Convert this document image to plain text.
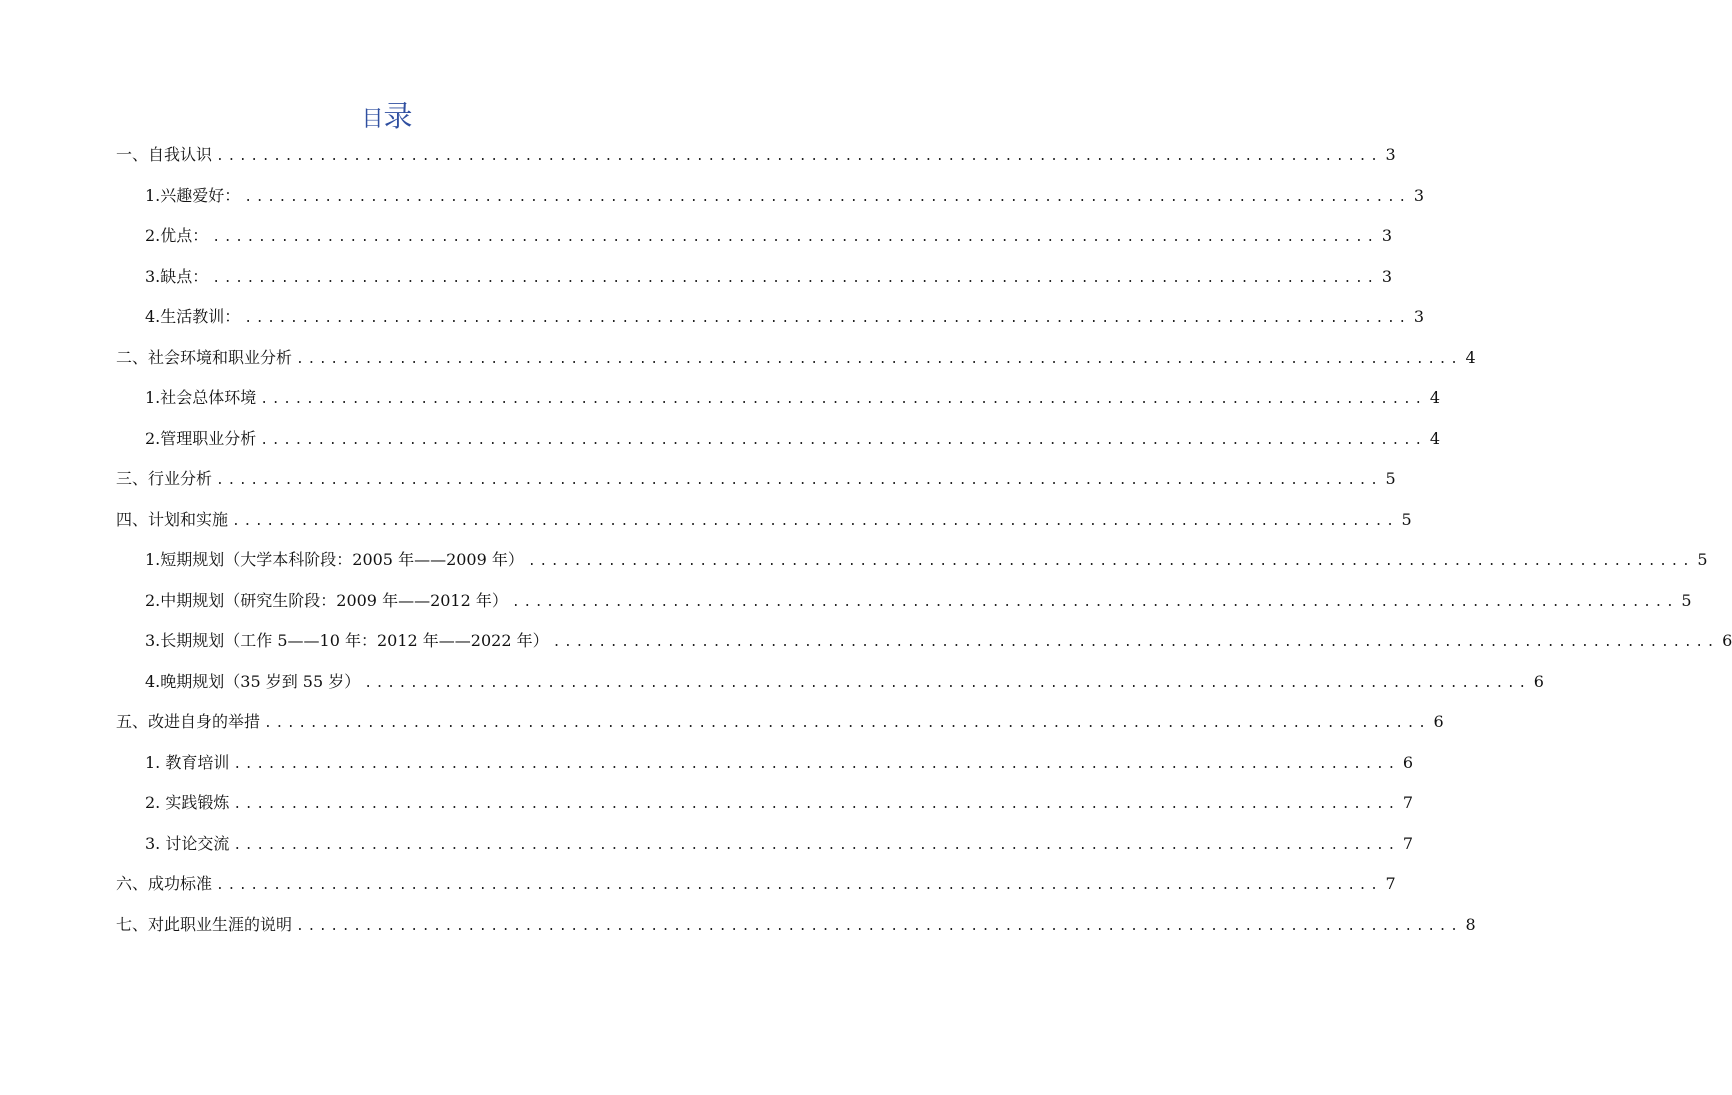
目录
一、自我认识 ...................................................................................................... 3
1.兴趣爱好： ...................................................................................................... 3
2.优点： ...................................................................................................... 3
3.缺点： ...................................................................................................... 3
4.生活教训： ...................................................................................................... 3
二、社会环境和职业分析 ...................................................................................................... 4
1.社会总体环境 ...................................................................................................... 4
2.管理职业分析 ...................................................................................................... 4
三、行业分析 ...................................................................................................... 5
四、计划和实施 ...................................................................................................... 5
1.短期规划（大学本科阶段：2005 年——2009 年） ...................................................................................................... 5
2.中期规划（研究生阶段：2009 年——2012 年） ...................................................................................................... 5
3.长期规划（工作 5——10 年：2012 年——2022 年） ...................................................................................................... 6
4.晚期规划（35 岁到 55 岁） ...................................................................................................... 6
五、改进自身的举措 ...................................................................................................... 6
1. 教育培训 ...................................................................................................... 6
2. 实践锻炼 ...................................................................................................... 7
3. 讨论交流 ...................................................................................................... 7
六、成功标准 ...................................................................................................... 7
七、对此职业生涯的说明 ...................................................................................................... 8
